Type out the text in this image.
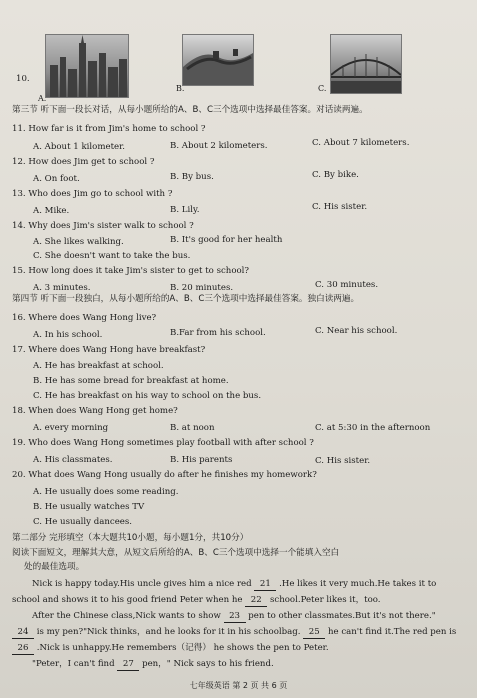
10.
A.
B.	C.
第三节 听下面一段长对话，从每小题所给的A、B、C三个选项中选择最佳答案。对话读两遍。
11. How far is it from Jim's home to school ?
A. About 1 kilometer.	B. About 2 kilometers.	C. About 7 kilometers.
12. How does Jim get to school ?
A. On foot.	B. By bus.	C. By bike.
13. Who does Jim go to school with ?
A. Mike.	B. Lily.	C. His sister.
14. Why does Jim's sister walk to school ?
A. She likes walking.	B. It's good for her health
C. She doesn't want to take the bus.
15. How long does it take Jim's sister to get to school?
A. 3 minutes.	B. 20 minutes.	C. 30 minutes.
第四节 听下面一段独白，从每小题所给的A、B、C三个选项中选择最佳答案。独白读两遍。
16. Where does Wang Hong live?
A. In his school.	B.Far from his school.	C. Near his school.
17. Where does Wang Hong have breakfast?
A. He has breakfast at school.
B. He has some bread for breakfast at home.
C. He has breakfast on his way to school on the bus.
18. When does Wang Hong get home?
A. every morning	B. at noon	C. at 5:30 in the afternoon
19. Who does Wang Hong sometimes play football with after school ?
A. His classmates.	B. His parents	C. His sister.
20. What does Wang Hong usually do after he finishes my homework?
A. He usually does some reading.
B. He usually watches TV
C. He usually dancees.
第二部分 完形填空（本大题共10小题，每小题1分，共10分）
阅读下面短文，理解其大意，从短文后所给的A、B、C三个选项中选择一个能填入空白
处的最佳选项。
Nick is happy today.His uncle gives him a nice red 21 .He likes it very much.He takes it to
school and shows it to his good friend Peter when he 22 school.Peter likes it，too.
After the Chinese class,Nick wants to show 23 pen to other classmates.But it's not there."
24 is my pen?"Nick thinks，and he looks for it in his schoolbag. 25 he can't find it.The red pen is
26 .Nick is unhappy.He remembers（记得） he shows the pen to Peter.
"Peter，I can't find 27 pen，" Nick says to his friend.
七年级英语 第 2 页 共 6 页
